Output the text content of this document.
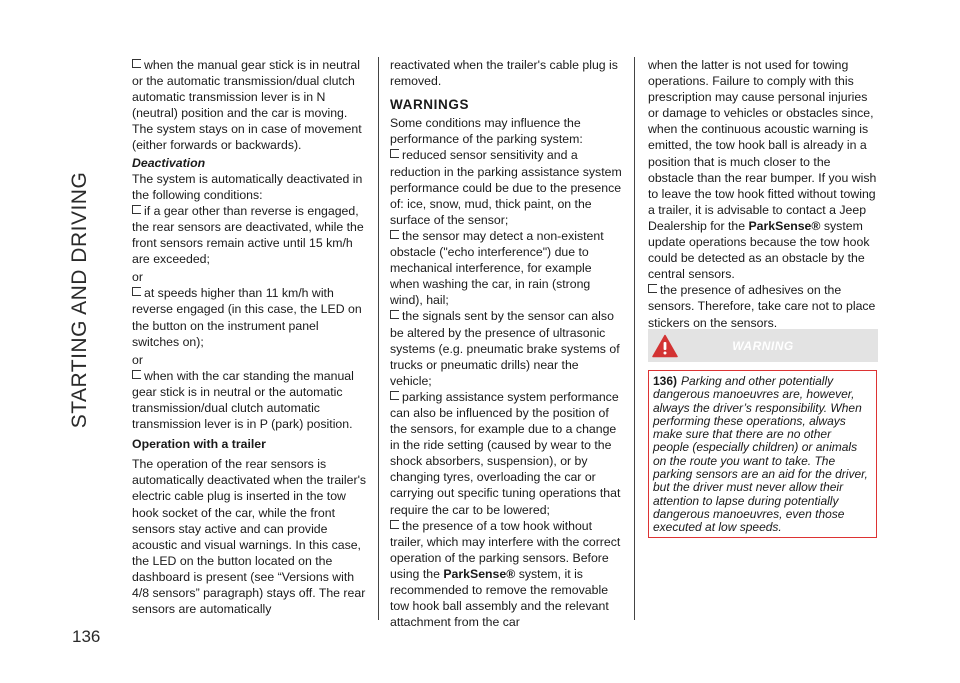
STARTING AND DRIVING
136

when the manual gear stick is in neutral or the automatic transmission/dual clutch automatic transmission lever is in N (neutral) position and the car is moving. The system stays on in case of movement (either forwards or backwards).

Deactivation

The system is automatically deactivated in the following conditions:

if a gear other than reverse is engaged, the rear sensors are deactivated, while the front sensors remain active until 15 km/h are exceeded;

or

at speeds higher than 11 km/h with reverse engaged (in this case, the LED on the button on the instrument panel switches on);

or

when with the car standing the manual gear stick is in neutral or the automatic transmission/dual clutch automatic transmission lever is in P (park) position.

Operation with a trailer

The operation of the rear sensors is automatically deactivated when the trailer's electric cable plug is inserted in the tow hook socket of the car, while the front sensors stay active and can provide acoustic and visual warnings. In this case, the LED on the button located on the dashboard is present (see “Versions with 4/8 sensors” paragraph) stays off. The rear sensors are automatically

reactivated when the trailer's cable plug is removed.

WARNINGS

Some conditions may influence the performance of the parking system:

reduced sensor sensitivity and a reduction in the parking assistance system performance could be due to the presence of: ice, snow, mud, thick paint, on the surface of the sensor;

the sensor may detect a non-existent obstacle ("echo interference") due to mechanical interference, for example when washing the car, in rain (strong wind), hail;

the signals sent by the sensor can also be altered by the presence of ultrasonic systems (e.g. pneumatic brake systems of trucks or pneumatic drills) near the vehicle;

parking assistance system performance can also be influenced by the position of the sensors, for example due to a change in the ride setting (caused by wear to the shock absorbers, suspension), or by changing tyres, overloading the car or carrying out specific tuning operations that require the car to be lowered;

the presence of a tow hook without trailer, which may interfere with the correct operation of the parking sensors. Before using the ParkSense® system, it is recommended to remove the removable tow hook ball assembly and the relevant attachment from the car

when the latter is not used for towing operations. Failure to comply with this prescription may cause personal injuries or damage to vehicles or obstacles since, when the continuous acoustic warning is emitted, the tow hook ball is already in a position that is much closer to the obstacle than the rear bumper. If you wish to leave the tow hook fitted without towing a trailer, it is advisable to contact a Jeep Dealership for the ParkSense® system update operations because the tow hook could be detected as an obstacle by the central sensors.

the presence of adhesives on the sensors. Therefore, take care not to place stickers on the sensors.

WARNING
136) Parking and other potentially dangerous manoeuvres are, however, always the driver’s responsibility. When performing these operations, always make sure that there are no other people (especially children) or animals on the route you want to take. The parking sensors are an aid for the driver, but the driver must never allow their attention to lapse during potentially dangerous manoeuvres, even those executed at low speeds.
